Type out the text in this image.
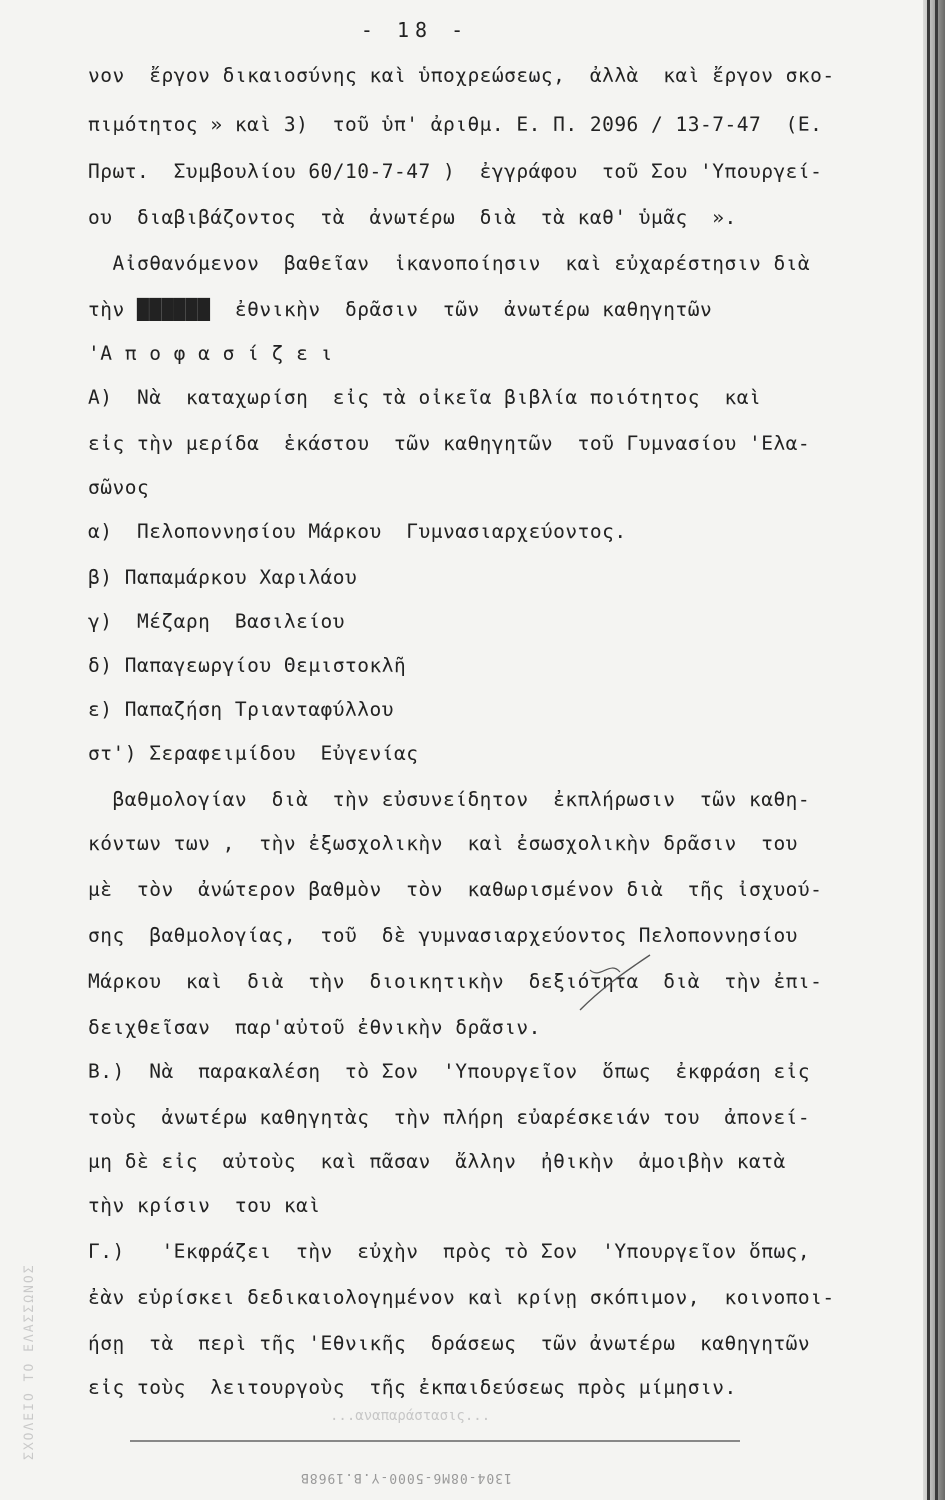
- 18 -
νον  ἔργον δικαιοσύνης καὶ ὑποχρεώσεως,  ἀλλὰ  καὶ ἔργον σκο-
πιμότητος » καὶ 3)  τοῦ ὑπ' ἀριθμ. Ε. Π. 2096 / 13-7-47  (Ε.
Πρωτ.  Συμβουλίου 60/10-7-47 )  ἐγγράφου  τοῦ Σου 'Υπουργεί-
ου  διαβιβάζοντος  τὰ  ἀνωτέρω  διὰ  τὰ καθ' ὑμᾶς  ».
Αἰσθανόμενον  βαθεῖαν  ἱκανοποίησιν  καὶ εὐχαρέστησιν διὰ
τὴν ██████  ἐθνικὴν  δρᾶσιν  τῶν  ἀνωτέρω καθηγητῶν
'Α π ο φ α σ ί ζ ε ι
Α)  Νὰ  καταχωρίση  εἰς τὰ οἰκεῖα βιβλία ποιότητος  καὶ
εἰς τὴν μερίδα  ἑκάστου  τῶν καθηγητῶν  τοῦ Γυμνασίου 'Ελα-
σῶνος
α)  Πελοποννησίου Μάρκου  Γυμνασιαρχεύοντος.
β) Παπαμάρκου Χαριλάου
γ)  Μέζαρη  Βασιλείου
δ) Παπαγεωργίου Θεμιστοκλῆ
ε) Παπαζήση Τριανταφύλλου
στ') Σεραφειμίδου  Εὐγενίας
βαθμολογίαν  διὰ  τὴν εὐσυνείδητον  ἐκπλήρωσιν  τῶν καθη-
κόντων των ,  τὴν ἐξωσχολικὴν  καὶ ἐσωσχολικὴν δρᾶσιν  του
μὲ  τὸν  ἀνώτερον βαθμὸν  τὸν  καθωρισμένον διὰ  τῆς ἰσχυού-
σης  βαθμολογίας,  τοῦ  δὲ γυμνασιαρχεύοντος Πελοποννησίου
Μάρκου  καὶ  διὰ  τὴν  διοικητικὴν  δεξιότητα  διὰ  τὴν ἐπι-
δειχθεῖσαν  παρ'αὐτοῦ ἐθνικὴν δρᾶσιν.
Β.)  Νὰ  παρακαλέση  τὸ Σον  'Υπουργεῖον  ὅπως  ἐκφράση εἰς
τοὺς  ἀνωτέρω καθηγητὰς  τὴν πλήρη εὐαρέσκειάν του  ἀπονεί-
μη δὲ εἰς  αὐτοὺς  καὶ πᾶσαν  ἄλλην  ἠθικὴν  ἀμοιβὴν κατὰ
τὴν κρίσιν  του καὶ
Γ.)   'Εκφράζει  τὴν  εὐχὴν  πρὸς τὸ Σον  'Υπουργεῖον ὅπως,
ἐὰν εὑρίσκει δεδικαιολογημένον καὶ κρίνῃ σκόπιμον,  κοινοποι-
ήσῃ  τὰ  περὶ τῆς 'Εθνικῆς  δράσεως  τῶν ἀνωτέρω  καθηγητῶν
εἰς τοὺς  λειτουργοὺς  τῆς ἐκπαιδεύσεως πρὸς μίμησιν.
...αναπαράστασις...
1304-08Μ6-5000-Υ.Β.1968Β
ΣΧΟΛΕΙΟ ΤΟ ΕΛΑΣΣΩΝΟΣ
